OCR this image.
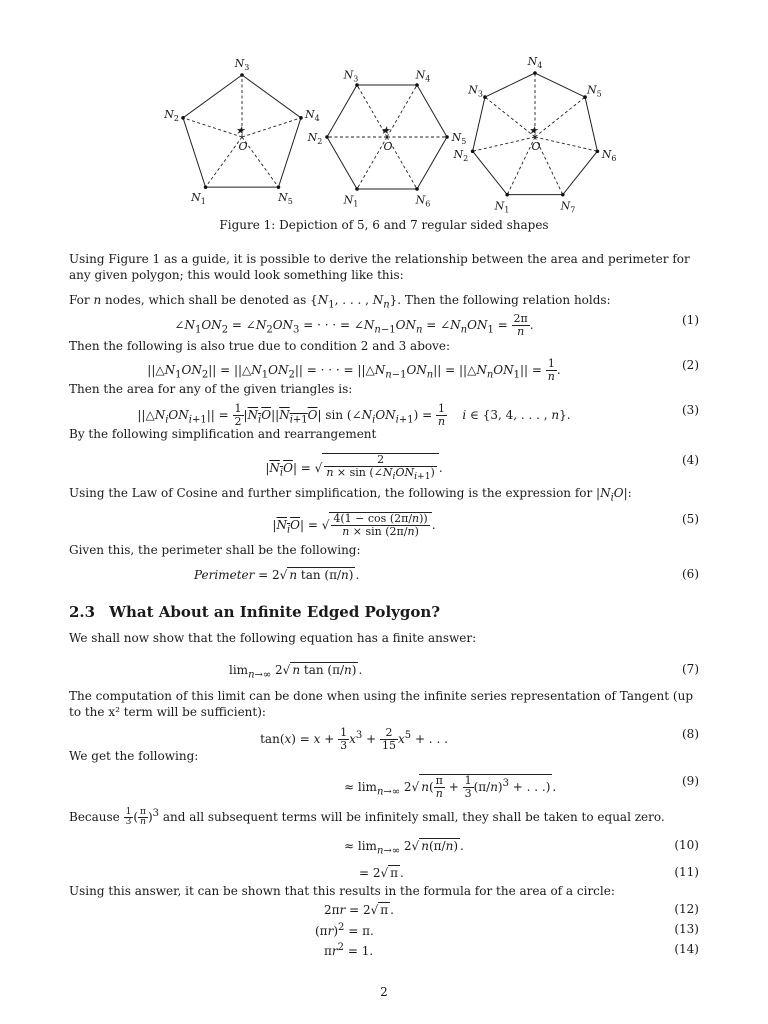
$N_3$
$N_2$
$N_1$	$N_5$
$N_4$
★
O
$N_4$
$N_3$
$N_2$
$N_1$	$N_6$
$N_5$
★
O
$N_4$
$N_3$
$N_2$
$N_1$	$N_7$
$N_6$
$N_5$
★
O
Figure 1: Depiction of 5, 6 and 7 regular sided shapes
Using Figure 1 as a guide, it is possible to derive the relationship between the area and perimeter for any given polygon; this would look something like this:
For n nodes, which shall be denoted as {$N_1$, . . . , $N_n$}. Then the following relation holds:
$\angle N_1ON_2$ = $\angle N_2ON_3$ = · · · = $\angle N_{n-1}ON_n$ = $\angle N_nON_1 = \frac{2\pi}{n}$ .	(1)
Then the following is also true due to condition 2 and 3 above:
$||\triangle N_1ON_2||$ = $||\triangle N_1ON_2||$ = · · · = $||\triangle N_{n-1}ON_n||$ = $||\triangle N_nON_1|| = \frac{1}{n}$ .	(2)
Then the area for any of the given triangles is:
$||\triangle N_iON_{i+1}|| = \frac{1}{2} |N_iO||N_{i+1}O|$ $\sin (\angle N_iON_{i+1}) = \frac{1}{n}$ i ∈ {3, 4, . . . , n}.	(3)
By the following simplification and rearrangement
$|N_iO|$ = √ $\frac{2}{n \times \sin (\angle N_iON_{i+1})}$ .
(4)
Using the Law of Cosine and further simplification, the following is the expression for $|N_iO|$:
$|N_iO|$ = √ $\frac{4(1 - \cos (2\pi/n))}{n \times \sin (2\pi/n)}$ .	(5)
Given this, the perimeter shall be the following:
Perimeter = 2√ n tan (π/n) .	(6)
2.3 What About an Infinite Edged Polygon?
We shall now show that the following equation has a finite answer:
$\lim_{n\to\infty} 2√$ n tan (π/n) .	(7)
The computation of this limit can be done when using the infinite series representation of Tangent (up to the x² term will be sufficient):
$\tan(x) = x + \frac{1}{3} x^3 + \frac{2}{15} x^5$ + . . .	(8)
We get the following:
≈ $\lim_{n\to\infty} 2√$ $n( \frac{\pi}{n} + \frac{1}{3} (\pi/n)^3$ + . . .) .	(9)
Because $\frac{1}{3}$ ( $\frac{\pi}{n} )^3$ and all subsequent terms will be infinitely small, they shall be taken to equal zero.
≈ $\lim_{n\to\infty} 2√$ n(π/n) .	(10)
= 2√ π .	(11)
Using this answer, it can be shown that this results in the formula for the area of a circle:
2πr = 2√ π .	(12)
$(\pi r)^2 = \pi$.	(13)
$\pi r^2 = 1$.	(14)
2
